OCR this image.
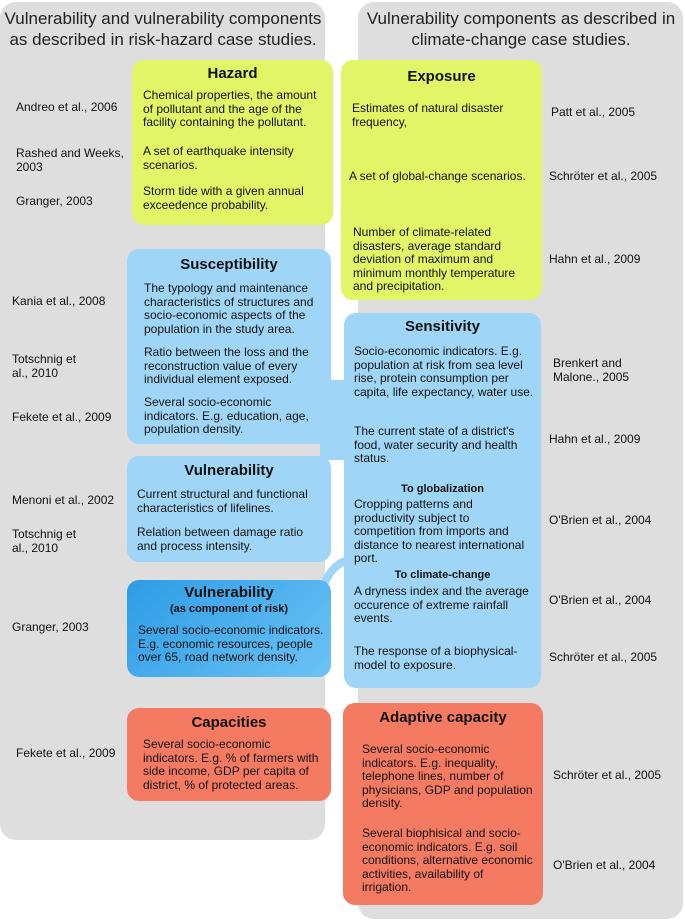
Vulnerability and vulnerability components as described in risk-hazard case studies.
Vulnerability components as described in climate-change case studies.
Hazard
Chemical properties, the amount of pollutant and the age of the facility containing the pollutant.
A set of earthquake intensity scenarios.
Storm tide with a given annual exceedence probability.
Andreo et al., 2006
Rashed and Weeks, 2003
Granger, 2003
Susceptibility
The typology and maintenance characteristics of structures and socio-economic aspects of the population in the study area.
Ratio between the loss and the reconstruction value of every individual element exposed.
Several socio-economic indicators. E.g. education, age, population density.
Kania et al., 2008
Totschnig et al., 2010
Fekete et al., 2009
Vulnerability
Current structural and functional characteristics of lifelines.
Relation between damage ratio and process intensity.
Menoni et al., 2002
Totschnig et al., 2010
Vulnerability
(as component of risk)
Several socio-economic indicators. E.g. economic resources, people over 65, road network density.
Granger, 2003
Capacities
Several socio-economic indicators. E.g. % of farmers with side income, GDP per capita of district, % of protected areas.
Fekete et al., 2009
Exposure
Estimates of natural disaster frequency,
A set of global-change scenarios.
Number of climate-related disasters, average standard deviation of maximum and minimum monthly temperature and precipitation.
Patt et al., 2005
Schröter et al., 2005
Hahn et al., 2009
Sensitivity
Socio-economic indicators. E.g. population at risk from sea level rise, protein consumption per capita, life expectancy, water use.
The current state of a district's food, water security and health status.
To globalization
Cropping patterns and productivity subject to competition from imports and distance to nearest international port.
To climate-change
A dryness index and the average occurence of extreme rainfall events.
The response of a biophysical-model to exposure.
Brenkert and Malone., 2005
Hahn et al., 2009
O'Brien et al., 2004
O'Brien et al., 2004
Schröter et al., 2005
Adaptive capacity
Several socio-economic indicators. E.g. inequality, telephone lines, number of physicians, GDP and population density.
Several biophisical and socio-economic indicators. E.g. soil conditions, alternative economic activities, availability of irrigation.
Schröter et al., 2005
O'Brien et al., 2004
